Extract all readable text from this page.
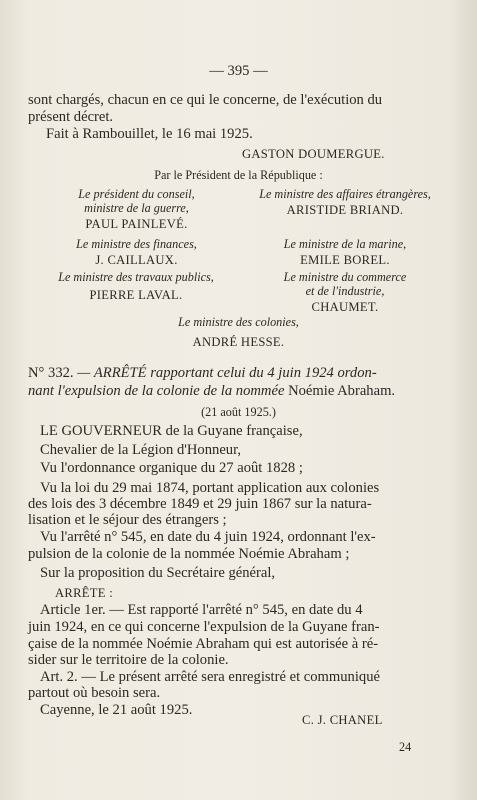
— 395 —
sont chargés, chacun en ce qui le concerne, de l'exécution du
présent décret.
Fait à Rambouillet, le 16 mai 1925.
GASTON DOUMERGUE.
Par le Président de la République :
Le président du conseil,
ministre de la guerre,
PAUL PAINLEVÉ.
Le ministre des affaires étrangères,
ARISTIDE BRIAND.
Le ministre des finances,
J. CAILLAUX.
Le ministre de la marine,
EMILE BOREL.
Le ministre des travaux publics,
PIERRE LAVAL.
Le ministre du commerce
et de l'industrie,
CHAUMET.
Le ministre des colonies,
ANDRÉ HESSE.
N° 332. — ARRÊTÉ rapportant celui du 4 juin 1924 ordon-
nant l'expulsion de la colonie de la nommée Noémie Abraham.
(21 août 1925.)
LE GOUVERNEUR de la Guyane française,
Chevalier de la Légion d'Honneur,
Vu l'ordonnance organique du 27 août 1828 ;
Vu la loi du 29 mai 1874, portant application aux colonies
des lois des 3 décembre 1849 et 29 juin 1867 sur la natura-
lisation et le séjour des étrangers ;
Vu l'arrêté n° 545, en date du 4 juin 1924, ordonnant l'ex-
pulsion de la colonie de la nommée Noémie Abraham ;
Sur la proposition du Secrétaire général,
ARRÊTE :
Article 1er. — Est rapporté l'arrêté n° 545, en date du 4
juin 1924, en ce qui concerne l'expulsion de la Guyane fran-
çaise de la nommée Noémie Abraham qui est autorisée à ré-
sider sur le territoire de la colonie.
Art. 2. — Le présent arrêté sera enregistré et communiqué
partout où besoin sera.
Cayenne, le 21 août 1925.
C. J. CHANEL
24
